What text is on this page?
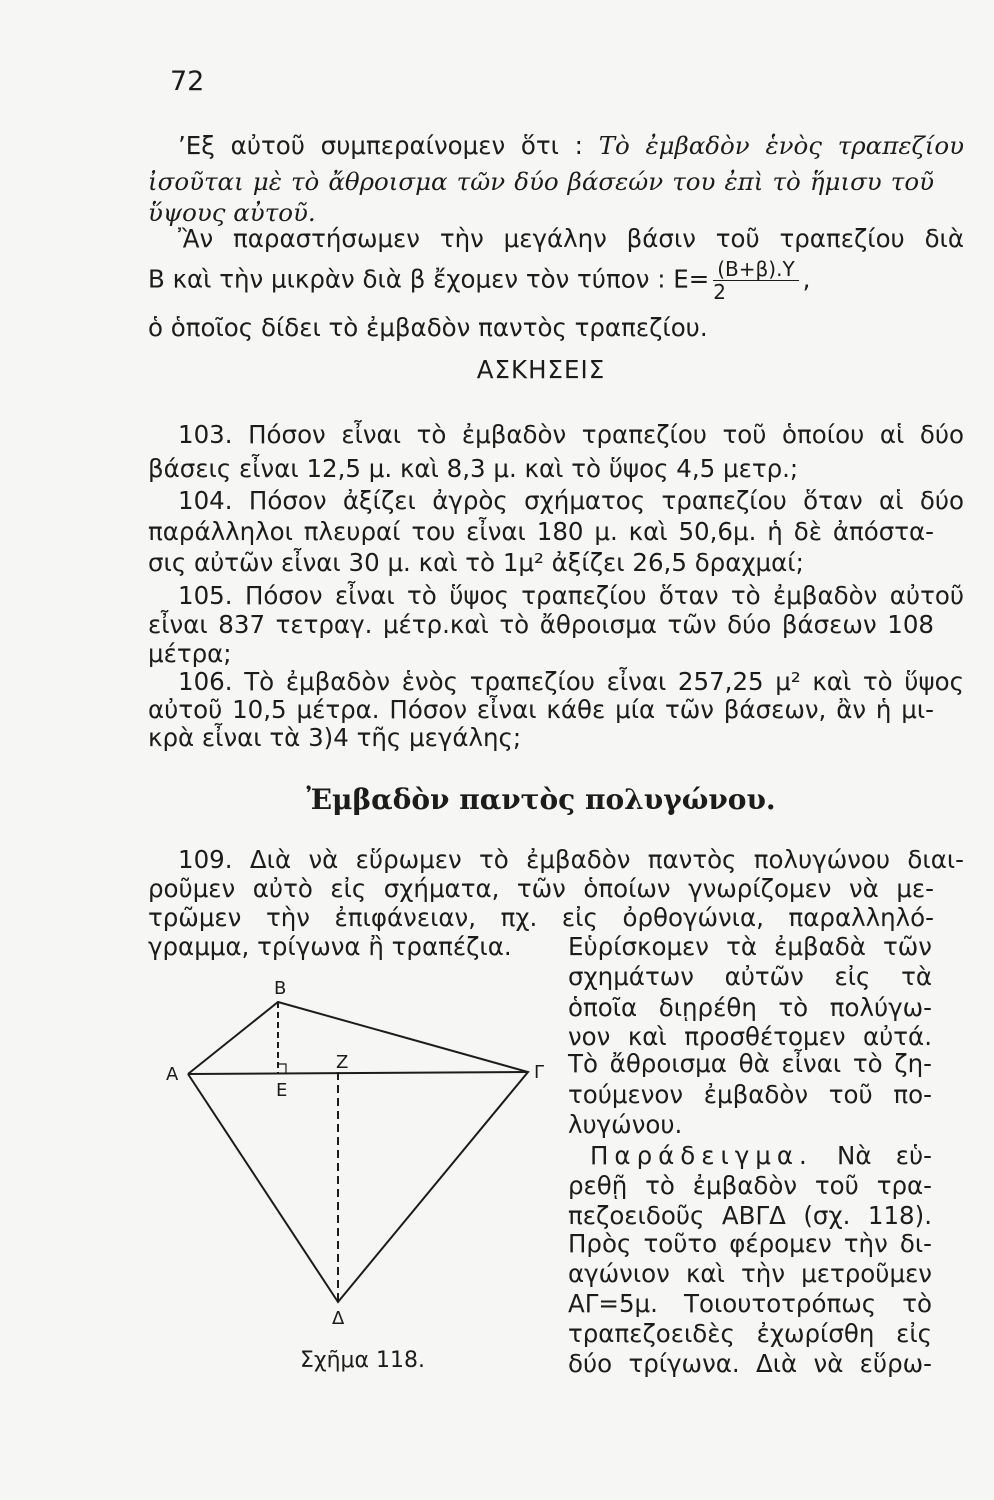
72
’Εξ αὐτοῦ συμπεραίνομεν ὅτι : Τὸ ἐμβαδὸν ἑνὸς τραπεζίου
ἰσοῦται μὲ τὸ ἄθροισμα τῶν δύο βάσεών του ἐπὶ τὸ ἥμισυ τοῦ
ὕψους αὐτοῦ.
Ἂν παραστήσωμεν τὴν μεγάλην βάσιν τοῦ τραπεζίου διὰ
Β καὶ τὴν μικρὰν διὰ β ἔχομεν τὸν τύπον : $E= \frac{(B+\beta).\Upsilon}{2}$ ,
ὁ ὁποῖος δίδει τὸ ἐμβαδὸν παντὸς τραπεζίου.
ΑΣΚΗΣΕΙΣ
103. Πόσον εἶναι τὸ ἐμβαδὸν τραπεζίου τοῦ ὁποίου αἱ δύο
βάσεις εἶναι 12,5 μ. καὶ 8,3 μ. καὶ τὸ ὕψος 4,5 μετρ.;
104. Πόσον ἀξίζει ἀγρὸς σχήματος τραπεζίου ὅταν αἱ δύο
παράλληλοι πλευραί του εἶναι 180 μ. καὶ 50,6μ. ἡ δὲ ἀπόστα-
σις αὐτῶν εἶναι 30 μ. καὶ τὸ 1μ² ἀξίζει 26,5 δραχμαί;
105. Πόσον εἶναι τὸ ὕψος τραπεζίου ὅταν τὸ ἐμβαδὸν αὐτοῦ
εἶναι 837 τετραγ. μέτρ.καὶ τὸ ἄθροισμα τῶν δύο βάσεων 108
μέτρα;
106. Τὸ ἐμβαδὸν ἑνὸς τραπεζίου εἶναι 257,25 μ² καὶ τὸ ὕψος
αὐτοῦ 10,5 μέτρα. Πόσον εἶναι κάθε μία τῶν βάσεων, ἂν ἡ μι-
κρὰ εἶναι τὰ 3)4 τῆς μεγάλης;
Ἐμβαδὸν παντὸς πολυγώνου.
109. Διὰ νὰ εὕρωμεν τὸ ἐμβαδὸν παντὸς πολυγώνου διαι-
ροῦμεν αὐτὸ εἰς σχήματα, τῶν ὁποίων γνωρίζομεν νὰ με-
τρῶμεν τὴν ἐπιφάνειαν, πχ. εἰς ὀρθογώνια, παραλληλό-
γραμμα, τρίγωνα ἢ τραπέζια.	Εὑρίσκομεν τὰ ἐμβαδὰ τῶν
σχημάτων αὐτῶν εἰς τὰ
ὁποῖα διῃρέθη τὸ πολύγω-
νον καὶ προσθέτομεν αὐτά.
Τὸ ἄθροισμα θὰ εἶναι τὸ ζη-
τούμενον ἐμβαδὸν τοῦ πο-
λυγώνου.
Παράδειγμα. Νὰ εὑ-
ρεθῇ τὸ ἐμβαδὸν τοῦ τρα-
πεζοειδοῦς ΑΒΓΔ (σχ. 118).
Πρὸς τοῦτο φέρομεν τὴν δι-
αγώνιον καὶ τὴν μετροῦμεν
ΑΓ=5μ. Τοιουτοτρόπως τὸ
τραπεζοειδὲς ἐχωρίσθη εἰς
δύο τρίγωνα. Διὰ νὰ εὕρω-
Β
Α	Γ
Δ
Ε
Ζ
Σχῆμα 118.
